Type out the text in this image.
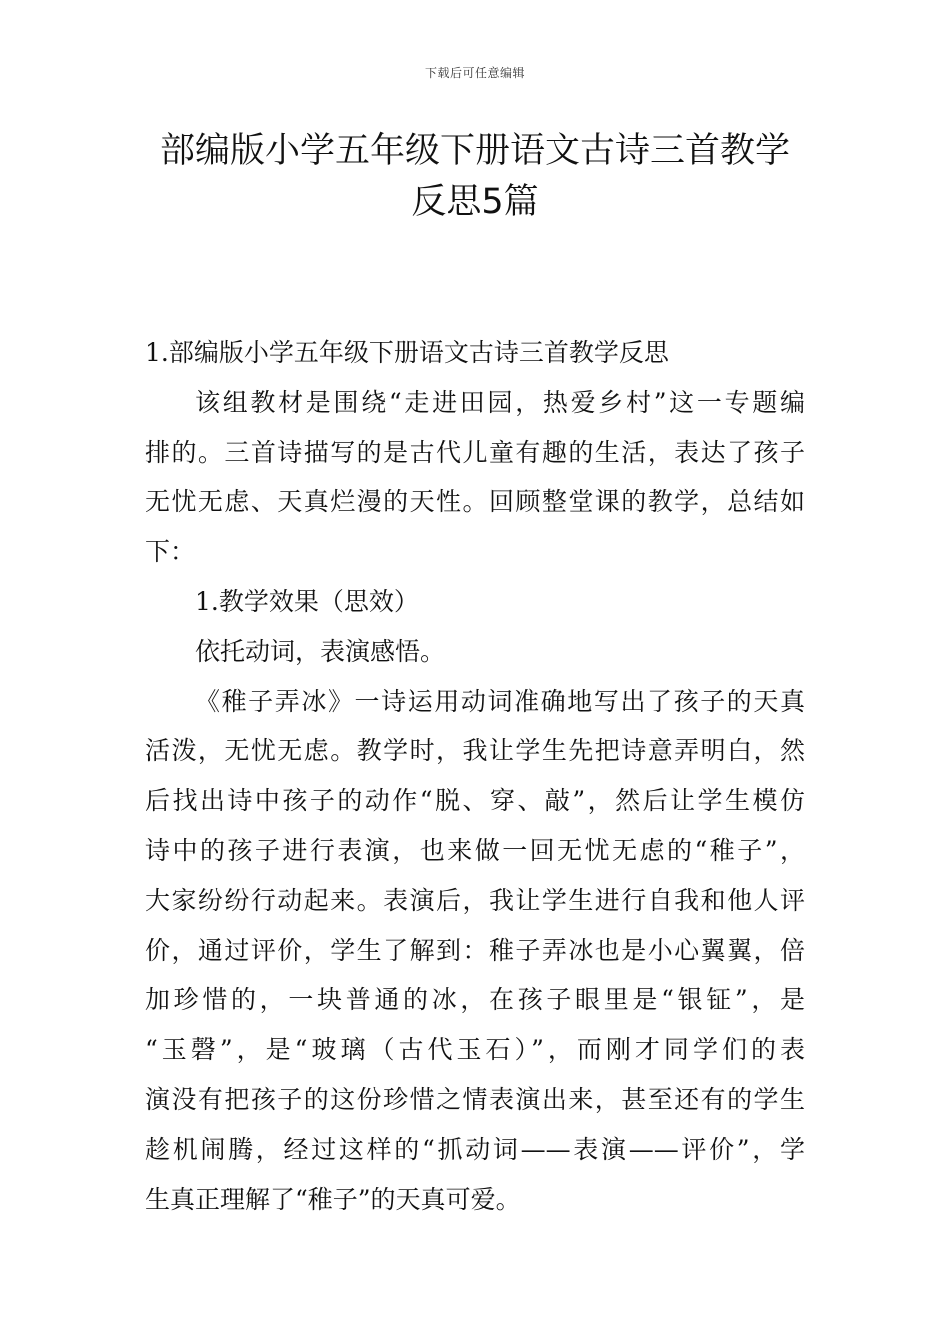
下载后可任意编辑
部编版小学五年级下册语文古诗三首教学
反思5篇
1.部编版小学五年级下册语文古诗三首教学反思
该组教材是围绕“走进田园，热爱乡村”这一专题编
排的。三首诗描写的是古代儿童有趣的生活，表达了孩子
无忧无虑、天真烂漫的天性。回顾整堂课的教学，总结如
下：
1.教学效果（思效）
依托动词，表演感悟。
《稚子弄冰》一诗运用动词准确地写出了孩子的天真
活泼，无忧无虑。教学时，我让学生先把诗意弄明白，然
后找出诗中孩子的动作“脱、穿、敲”，然后让学生模仿
诗中的孩子进行表演，也来做一回无忧无虑的“稚子”，
大家纷纷行动起来。表演后，我让学生进行自我和他人评
价，通过评价，学生了解到：稚子弄冰也是小心翼翼，倍
加珍惜的，一块普通的冰，在孩子眼里是“银钲”，是
“玉磬”，是“玻璃（古代玉石）”，而刚才同学们的表
演没有把孩子的这份珍惜之情表演出来，甚至还有的学生
趁机闹腾，经过这样的“抓动词——表演——评价”，学
生真正理解了“稚子”的天真可爱。
